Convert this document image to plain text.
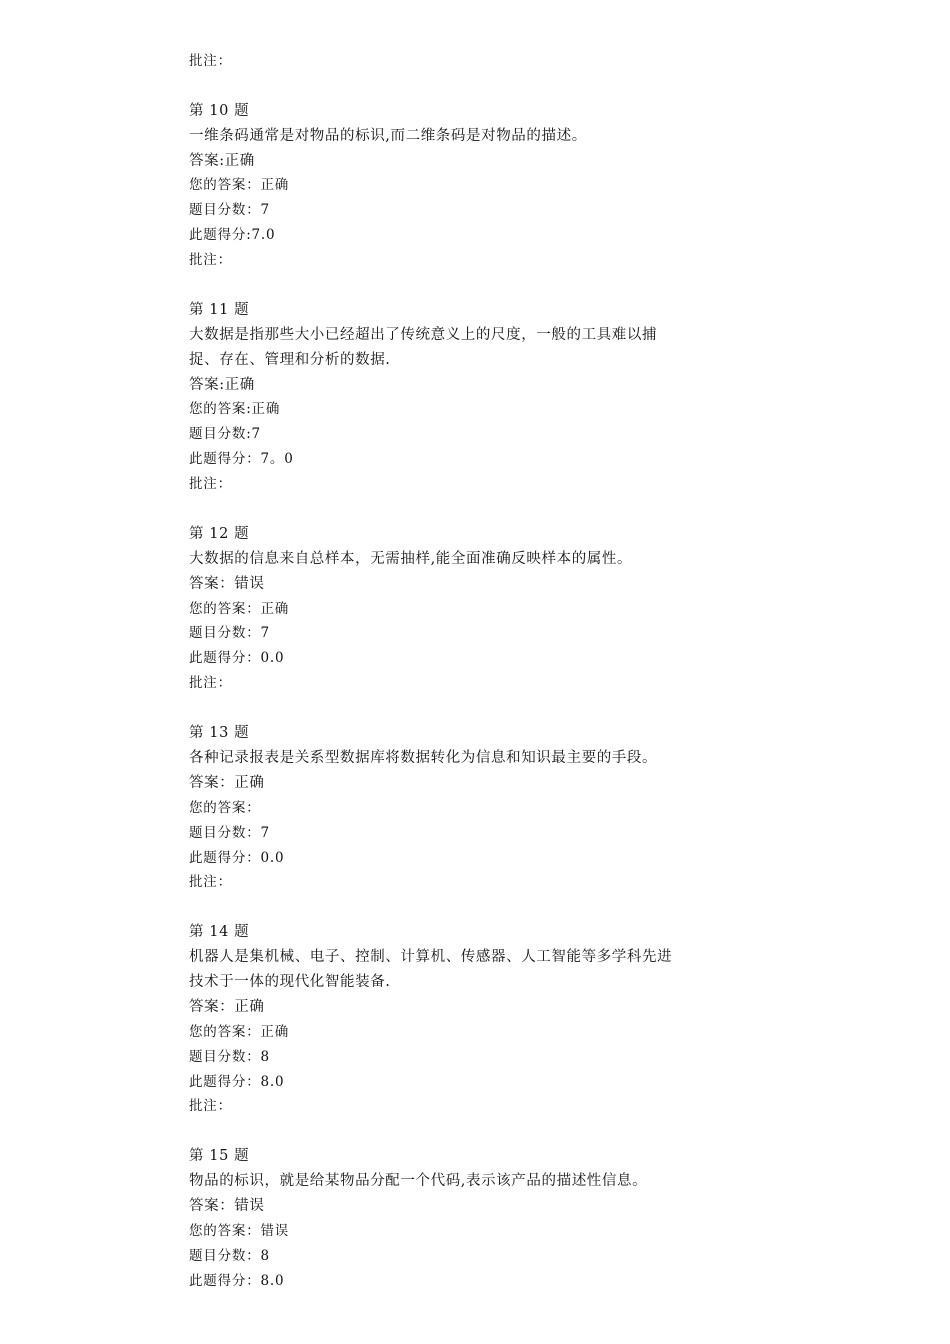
批注：
第 10 题
一维条码通常是对物品的标识,而二维条码是对物品的描述。
答案:正确
您的答案：正确
题目分数：7
此题得分:7.0
批注：
第 11 题
大数据是指那些大小已经超出了传统意义上的尺度，一般的工具难以捕
捉、存在、管理和分析的数据.
答案:正确
您的答案:正确
题目分数:7
此题得分：7。0
批注：
第 12 题
大数据的信息来自总样本，无需抽样,能全面准确反映样本的属性。
答案：错误
您的答案：正确
题目分数：7
此题得分：0.0
批注：
第 13 题
各种记录报表是关系型数据库将数据转化为信息和知识最主要的手段。
答案：正确
您的答案：
题目分数：7
此题得分：0.0
批注：
第 14 题
机器人是集机械、电子、控制、计算机、传感器、人工智能等多学科先进
技术于一体的现代化智能装备.
答案：正确
您的答案：正确
题目分数：8
此题得分：8.0
批注：
第 15 题
物品的标识，就是给某物品分配一个代码,表示该产品的描述性信息。
答案：错误
您的答案：错误
题目分数：8
此题得分：8.0
